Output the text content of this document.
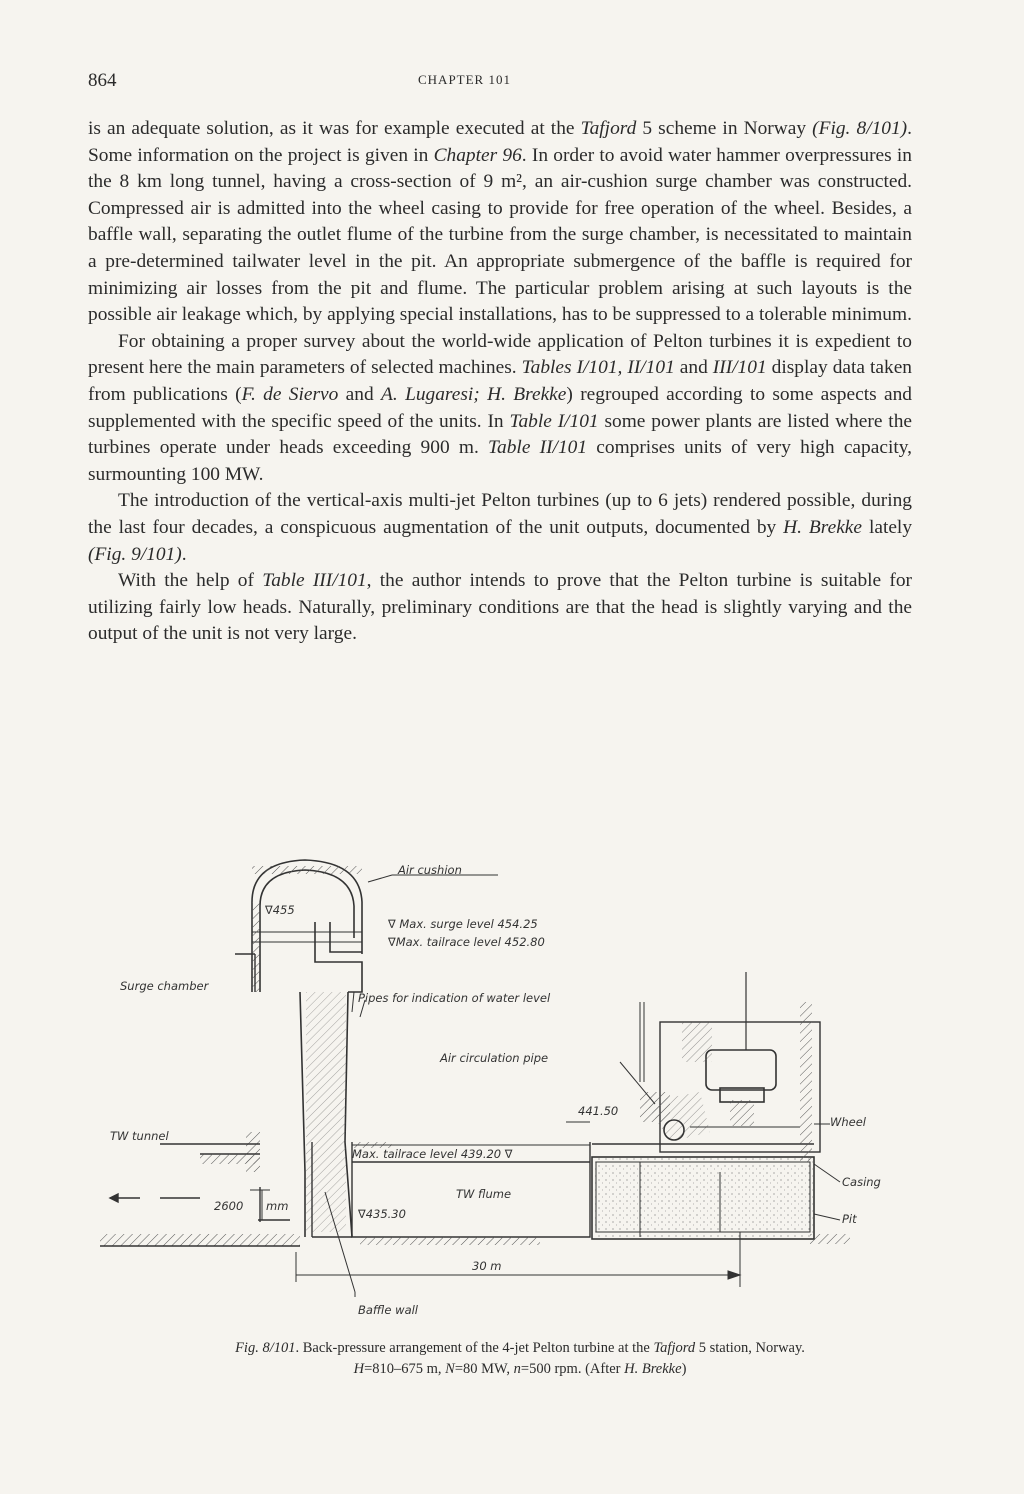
864	CHAPTER 101

is an adequate solution, as it was for example executed at the Tafjord 5 scheme in Norway (Fig. 8/101). Some information on the project is given in Chapter 96. In order to avoid water hammer overpressures in the 8 km long tunnel, having a cross-section of 9 m², an air-cushion surge chamber was constructed. Compressed air is admitted into the wheel casing to provide for free operation of the wheel. Besides, a baffle wall, separating the outlet flume of the turbine from the surge chamber, is necessitated to maintain a pre-determined tailwater level in the pit. An appropriate submergence of the baffle is required for minimizing air losses from the pit and flume. The particular problem arising at such layouts is the possible air leakage which, by applying special installations, has to be suppressed to a tolerable minimum.

For obtaining a proper survey about the world-wide application of Pelton turbines it is expedient to present here the main parameters of selected machines. Tables I/101, II/101 and III/101 display data taken from publications (F. de Siervo and A. Lugaresi; H. Brekke) regrouped according to some aspects and supplemented with the specific speed of the units. In Table I/101 some power plants are listed where the turbines operate under heads exceeding 900 m. Table II/101 comprises units of very high capacity, surmounting 100 MW.

The introduction of the vertical-axis multi-jet Pelton turbines (up to 6 jets) rendered possible, during the last four decades, a conspicuous augmentation of the unit outputs, documented by H. Brekke lately (Fig. 9/101).

With the help of Table III/101, the author intends to prove that the Pelton turbine is suitable for utilizing fairly low heads. Naturally, preliminary conditions are that the head is slightly varying and the output of the unit is not very large.

Air cushion
∇455
∇ Max. surge level 454.25
∇Max. tailrace level 452.80
Surge chamber
Pipes for indication of water level
Air circulation pipe
441.50
Wheel
TW tunnel
Max. tailrace level 439.20 ∇
Casing
TW flume
2600 mm
∇435.30	Pit
30 m
Baffle wall
Fig. 8/101. Back-pressure arrangement of the 4-jet Pelton turbine at the Tafjord 5 station, Norway.
H=810–675 m, N=80 MW, n=500 rpm. (After H. Brekke)
